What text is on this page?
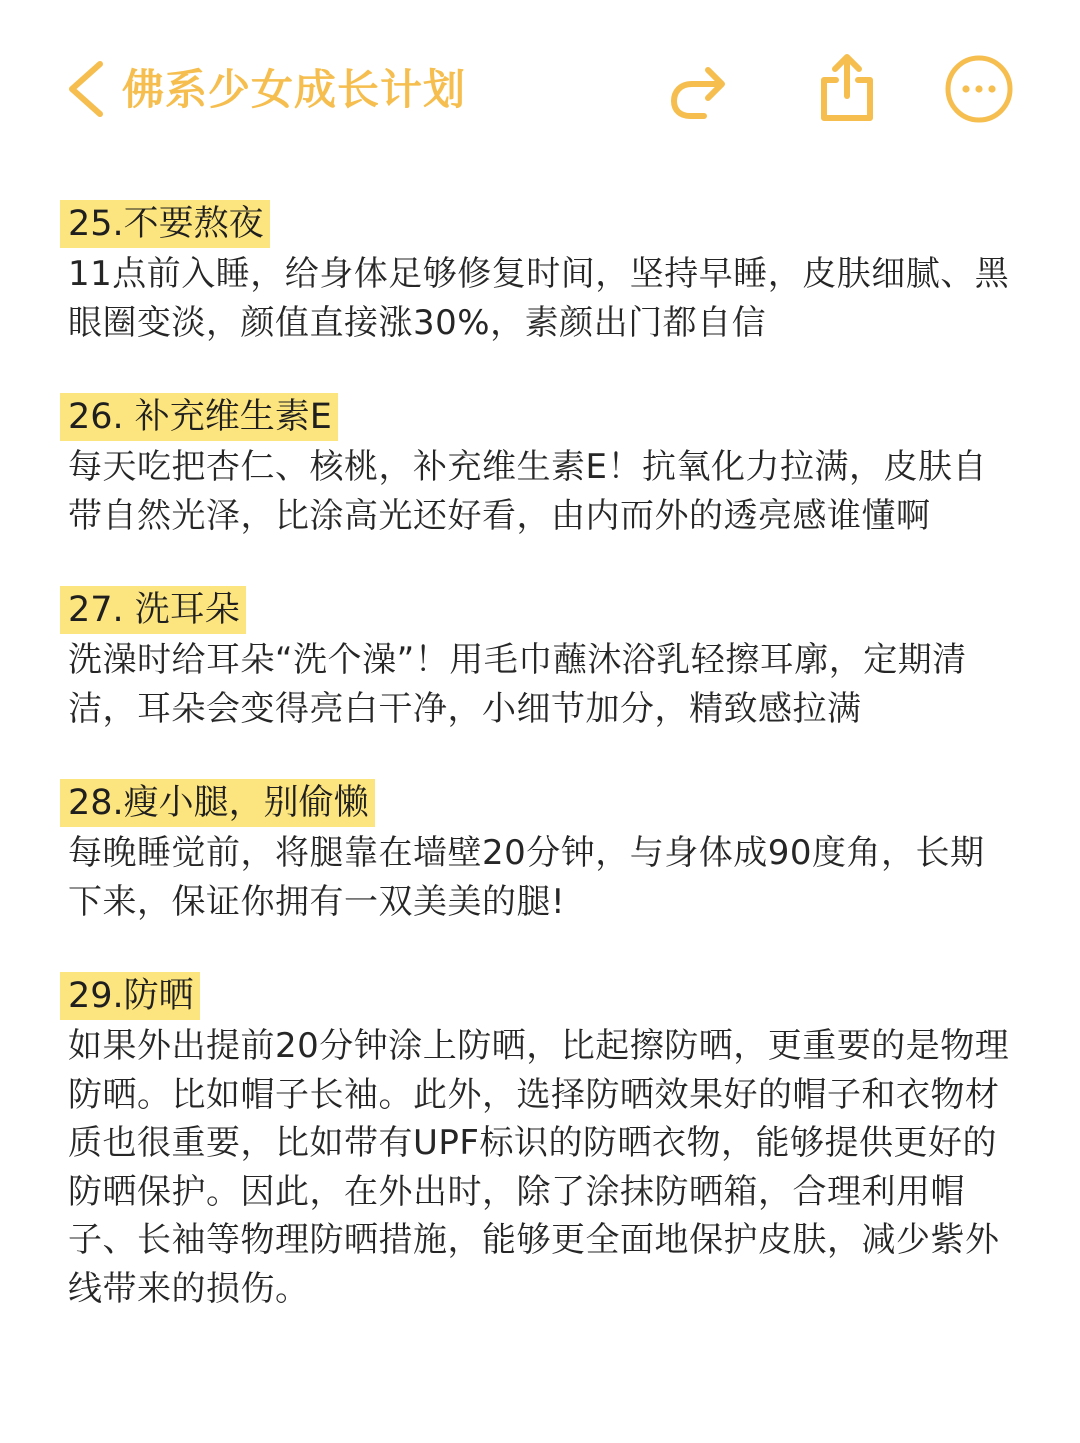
佛系少女成长计划
25.不要熬夜

11点前入睡，给身体足够修复时间，坚持早睡，皮肤细腻、黑眼圈变淡，颜值直接涨30%，素颜出门都自信

26. 补充维生素E

每天吃把杏仁、核桃，补充维生素E！抗氧化力拉满，皮肤自带自然光泽，比涂高光还好看，由内而外的透亮感谁懂啊

27. 洗耳朵

洗澡时给耳朵“洗个澡”！用毛巾蘸沐浴乳轻擦耳廓，定期清洁，耳朵会变得亮白干净，小细节加分，精致感拉满

28.瘦小腿，别偷懒

每晚睡觉前，将腿靠在墙壁20分钟，与身体成90度角，长期下来，保证你拥有一双美美的腿!

29.防晒

如果外出提前20分钟涂上防晒，比起擦防晒，更重要的是物理防晒。比如帽子长袖。此外，选择防晒效果好的帽子和衣物材质也很重要，比如带有UPF标识的防晒衣物，能够提供更好的防晒保护。因此，在外出时，除了涂抹防晒箱，合理利用帽子、长袖等物理防晒措施，能够更全面地保护皮肤，减少紫外线带来的损伤。
